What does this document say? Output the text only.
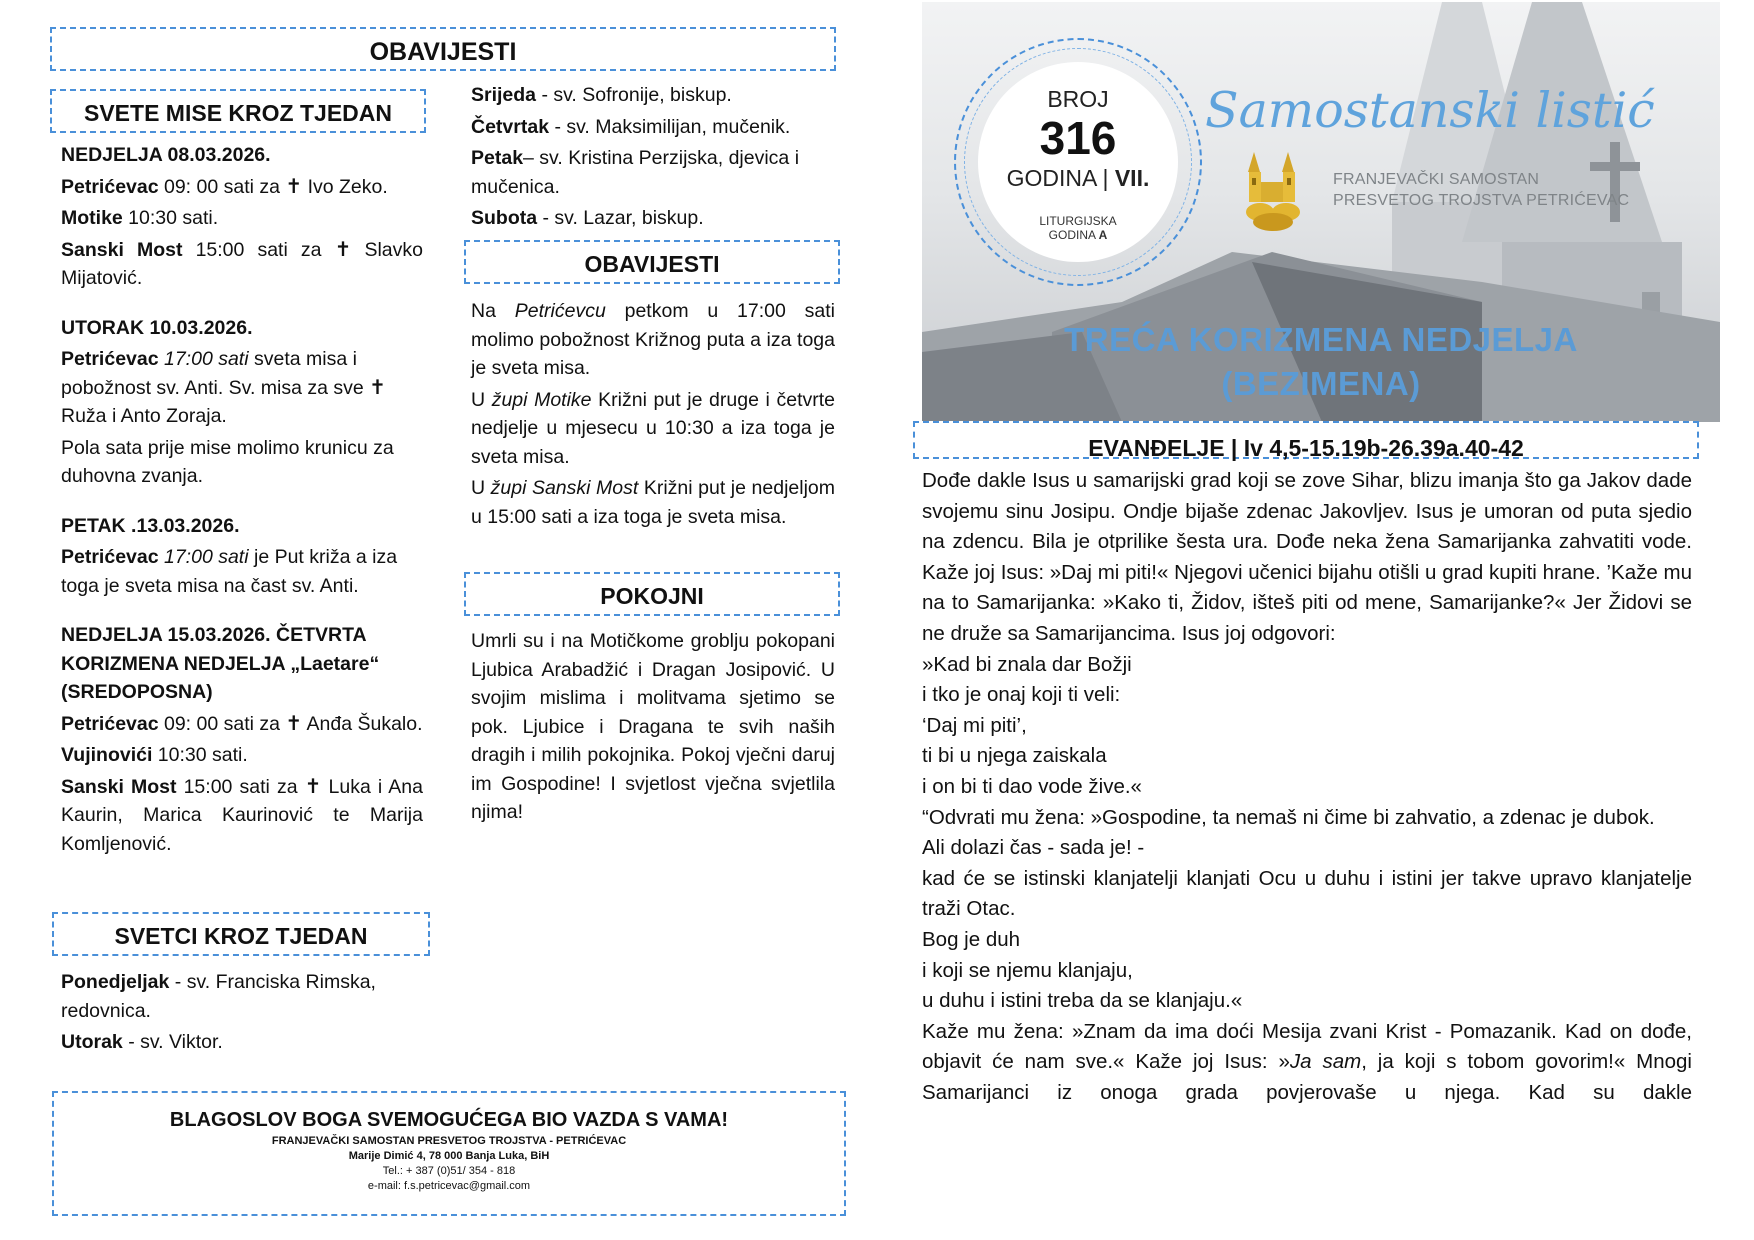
OBAVIJESTI
SVETE MISE KROZ TJEDAN

NEDJELJA 08.03.2026.

Petrićevac 09: 00 sati za ✝ Ivo Zeko.

Motike 10:30 sati.

Sanski Most 15:00 sati za ✝ Slavko Mijatović.

UTORAK 10.03.2026.

Petrićevac 17:00 sati sveta misa i pobožnost sv. Anti. Sv. misa za sve ✝ Ruža i Anto Zoraja.

Pola sata prije mise molimo krunicu za duhovna zvanja.

PETAK .13.03.2026.

Petrićevac 17:00 sati je Put križa a iza toga je sveta misa na čast sv. Anti.

NEDJELJA 15.03.2026. ČETVRTA KORIZMENA NEDJELJA „Laetare“ (SREDOPOSNA)

Petrićevac 09: 00 sati za ✝ Anđa Šukalo.

Vujinovići 10:30 sati.

Sanski Most 15:00 sati za ✝ Luka i Ana Kaurin, Marica Kaurinović te Marija Komljenović.

SVETCI KROZ TJEDAN

Ponedjeljak - sv. Franciska Rimska, redovnica.

Utorak - sv. Viktor.

Srijeda - sv. Sofronije, biskup.

Četvrtak - sv. Maksimilijan, mučenik.

Petak– sv. Kristina Perzijska, djevica i mučenica.

Subota - sv. Lazar, biskup.

OBAVIJESTI

Na Petrićevcu petkom u 17:00 sati molimo pobožnost Križnog puta a iza toga je sveta misa.

U župi Motike Križni put je druge i četvrte nedjelje u mjesecu u 10:30 a iza toga je sveta misa.

U župi Sanski Most Križni put je nedjeljom u 15:00 sati a iza toga je sveta misa.

POKOJNI
Umrli su i na Motičkome groblju pokopani Ljubica Arabadžić i Dragan Josipović. U svojim mislima i molitvama sjetimo se pok. Ljubice i Dragana te svih naših dragih i milih pokojnika. Pokoj vječni daruj im Gospodine! I svjetlost vječna svjetlila njima!
BLAGOSLOV BOGA SVEMOGUĆEGA BIO VAZDA S VAMA!
FRANJEVAČKI SAMOSTAN PRESVETOG TROJSTVA - PETRIĆEVAC
Marije Dimić 4, 78 000 Banja Luka, BiH
Tel.: + 387 (0)51/ 354 - 818
e-mail: f.s.petricevac@gmail.com
BROJ
316
GODINA | VII.
LITURGIJSKA
GODINA A
Samostanski listić
FRANJEVAČKI SAMOSTAN
PRESVETOG TROJSTVA PETRIĆEVAC
TREĆA KORIZMENA NEDJELJA
(BEZIMENA)
EVANĐELJE | Iv 4,5-15.19b-26.39a.40-42

Dođe dakle Isus u samarijski grad koji se zove Sihar, blizu imanja što ga Jakov dade svojemu sinu Josipu. Ondje bijaše zdenac Jakovljev. Isus je umoran od puta sjedio na zdencu. Bila je otprilike šesta ura. Dođe neka žena Samarijanka zahvatiti vode. Kaže joj Isus: »Daj mi piti!« Njegovi učenici bijahu otišli u grad kupiti hrane. ’Kaže mu na to Samarijanka: »Kako ti, Židov, ištеš piti od mene, Samarijanke?« Jer Židovi se ne druže sa Samarijancima. Isus joj odgovori:

»Kad bi znala dar Božji

i tko je onaj koji ti veli:

‘Daj mi piti’,

ti bi u njega zaiskala

i on bi ti dao vode žive.«

“Odvrati mu žena: »Gospodine, ta nemaš ni čime bi zahvatio, a zdenac je dubok.

Ali dolazi čas - sada je! -

kad će se istinski klanjatelji klanjati Ocu u duhu i istini jer takve upravo klanjatelje traži Otac.

Bog je duh

i koji se njemu klanjaju,

u duhu i istini treba da se klanjaju.«

Kaže mu žena: »Znam da ima doći Mesija zvani Krist - Pomazanik. Kad on dođe, objavit će nam sve.« Kaže joj Isus: »Ja sam, ja koji s tobom govorim!« Mnogi Samarijanci iz onoga grada povjerovaše u njega. Kad su dakle
